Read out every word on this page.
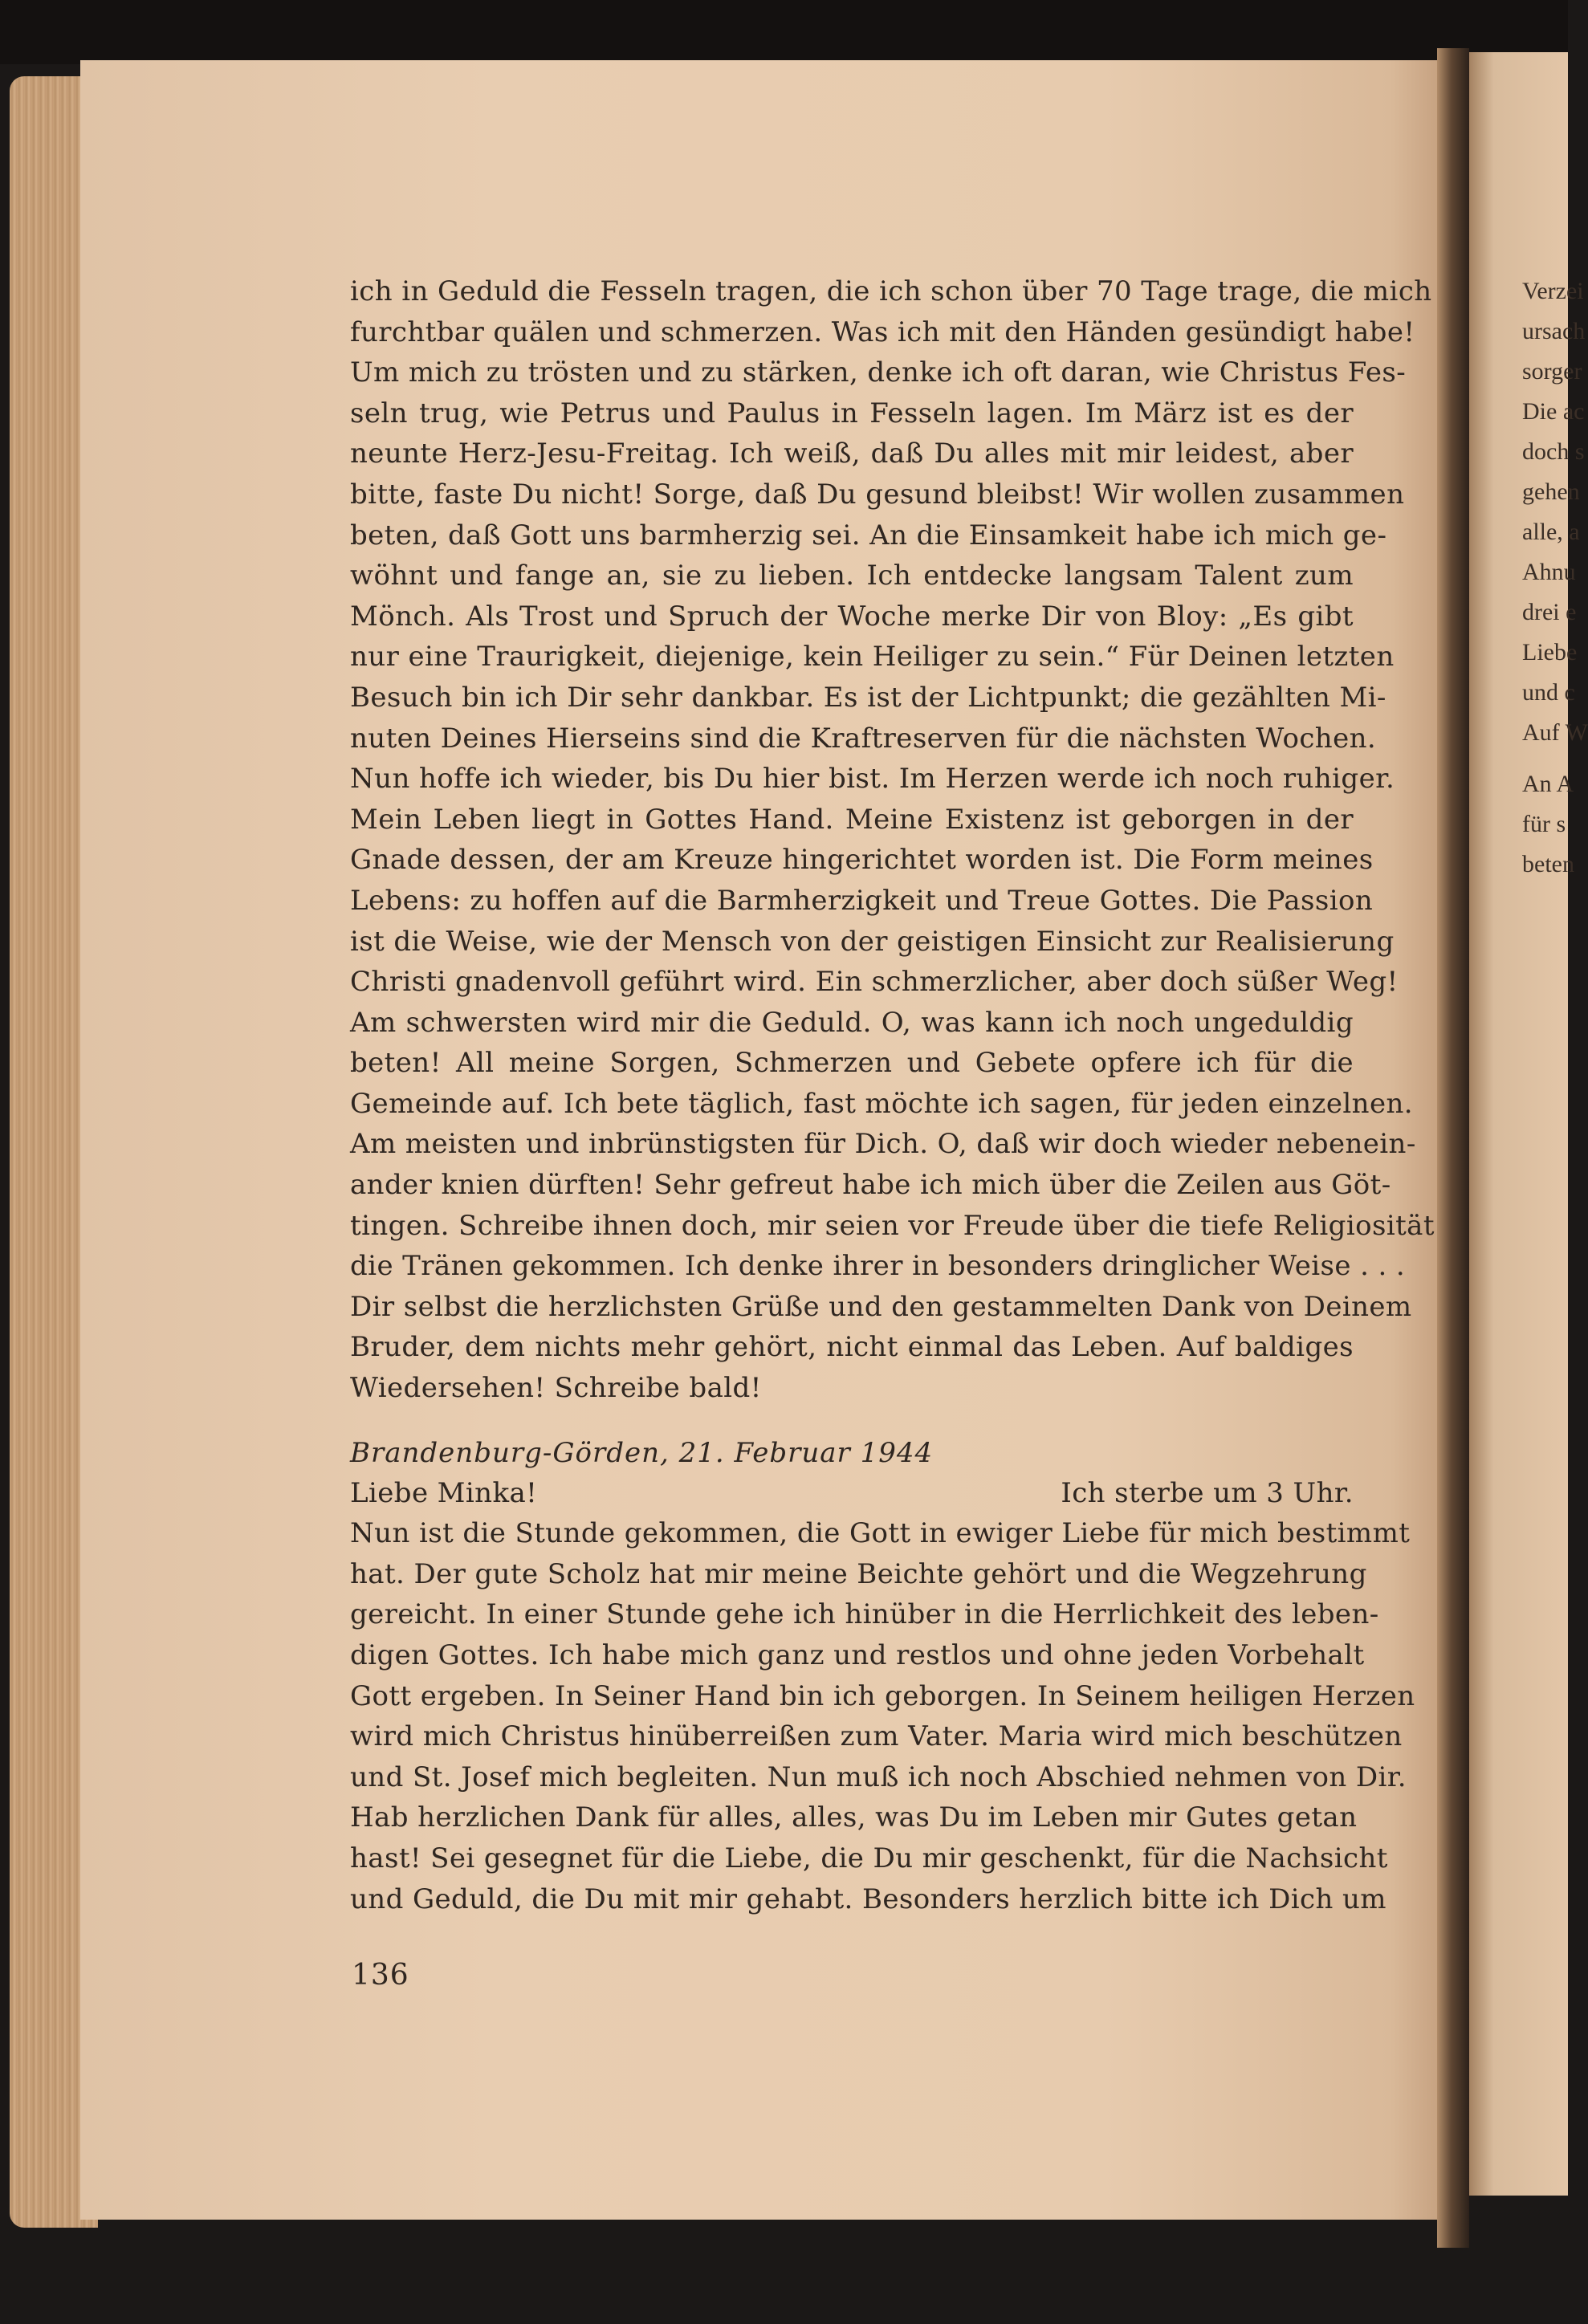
Verzei
ursach
sorger
Die ac
doch s
gehen
alle, a
Ahnu
drei e
Liebe
und c
Auf W
An A
für s
beten
ich in Geduld die Fesseln tragen, die ich schon über 70 Tage trage, die mich
furchtbar quälen und schmerzen. Was ich mit den Händen gesündigt habe!
Um mich zu trösten und zu stärken, denke ich oft daran, wie Christus Fes-
seln trug, wie Petrus und Paulus in Fesseln lagen. Im März ist es der
neunte Herz-Jesu-Freitag. Ich weiß, daß Du alles mit mir leidest, aber
bitte, faste Du nicht! Sorge, daß Du gesund bleibst! Wir wollen zusammen
beten, daß Gott uns barmherzig sei. An die Einsamkeit habe ich mich ge-
wöhnt und fange an, sie zu lieben. Ich entdecke langsam Talent zum
Mönch. Als Trost und Spruch der Woche merke Dir von Bloy: „Es gibt
nur eine Traurigkeit, diejenige, kein Heiliger zu sein.“ Für Deinen letzten
Besuch bin ich Dir sehr dankbar. Es ist der Lichtpunkt; die gezählten Mi-
nuten Deines Hierseins sind die Kraftreserven für die nächsten Wochen.
Nun hoffe ich wieder, bis Du hier bist. Im Herzen werde ich noch ruhiger.
Mein Leben liegt in Gottes Hand. Meine Existenz ist geborgen in der
Gnade dessen, der am Kreuze hingerichtet worden ist. Die Form meines
Lebens: zu hoffen auf die Barmherzigkeit und Treue Gottes. Die Passion
ist die Weise, wie der Mensch von der geistigen Einsicht zur Realisierung
Christi gnadenvoll geführt wird. Ein schmerzlicher, aber doch süßer Weg!
Am schwersten wird mir die Geduld. O, was kann ich noch ungeduldig
beten! All meine Sorgen, Schmerzen und Gebete opfere ich für die
Gemeinde auf. Ich bete täglich, fast möchte ich sagen, für jeden einzelnen.
Am meisten und inbrünstigsten für Dich. O, daß wir doch wieder nebenein-
ander knien dürften! Sehr gefreut habe ich mich über die Zeilen aus Göt-
tingen. Schreibe ihnen doch, mir seien vor Freude über die tiefe Religiosität
die Tränen gekommen. Ich denke ihrer in besonders dringlicher Weise . . .
Dir selbst die herzlichsten Grüße und den gestammelten Dank von Deinem
Bruder, dem nichts mehr gehört, nicht einmal das Leben. Auf baldiges
Wiedersehen! Schreibe bald!
Brandenburg-Görden, 21. Februar 1944
Liebe Minka!	Ich sterbe um 3 Uhr.
Nun ist die Stunde gekommen, die Gott in ewiger Liebe für mich bestimmt
hat. Der gute Scholz hat mir meine Beichte gehört und die Wegzehrung
gereicht. In einer Stunde gehe ich hinüber in die Herrlichkeit des leben-
digen Gottes. Ich habe mich ganz und restlos und ohne jeden Vorbehalt
Gott ergeben. In Seiner Hand bin ich geborgen. In Seinem heiligen Herzen
wird mich Christus hinüberreißen zum Vater. Maria wird mich beschützen
und St. Josef mich begleiten. Nun muß ich noch Abschied nehmen von Dir.
Hab herzlichen Dank für alles, alles, was Du im Leben mir Gutes getan
hast! Sei gesegnet für die Liebe, die Du mir geschenkt, für die Nachsicht
und Geduld, die Du mit mir gehabt. Besonders herzlich bitte ich Dich um
136
